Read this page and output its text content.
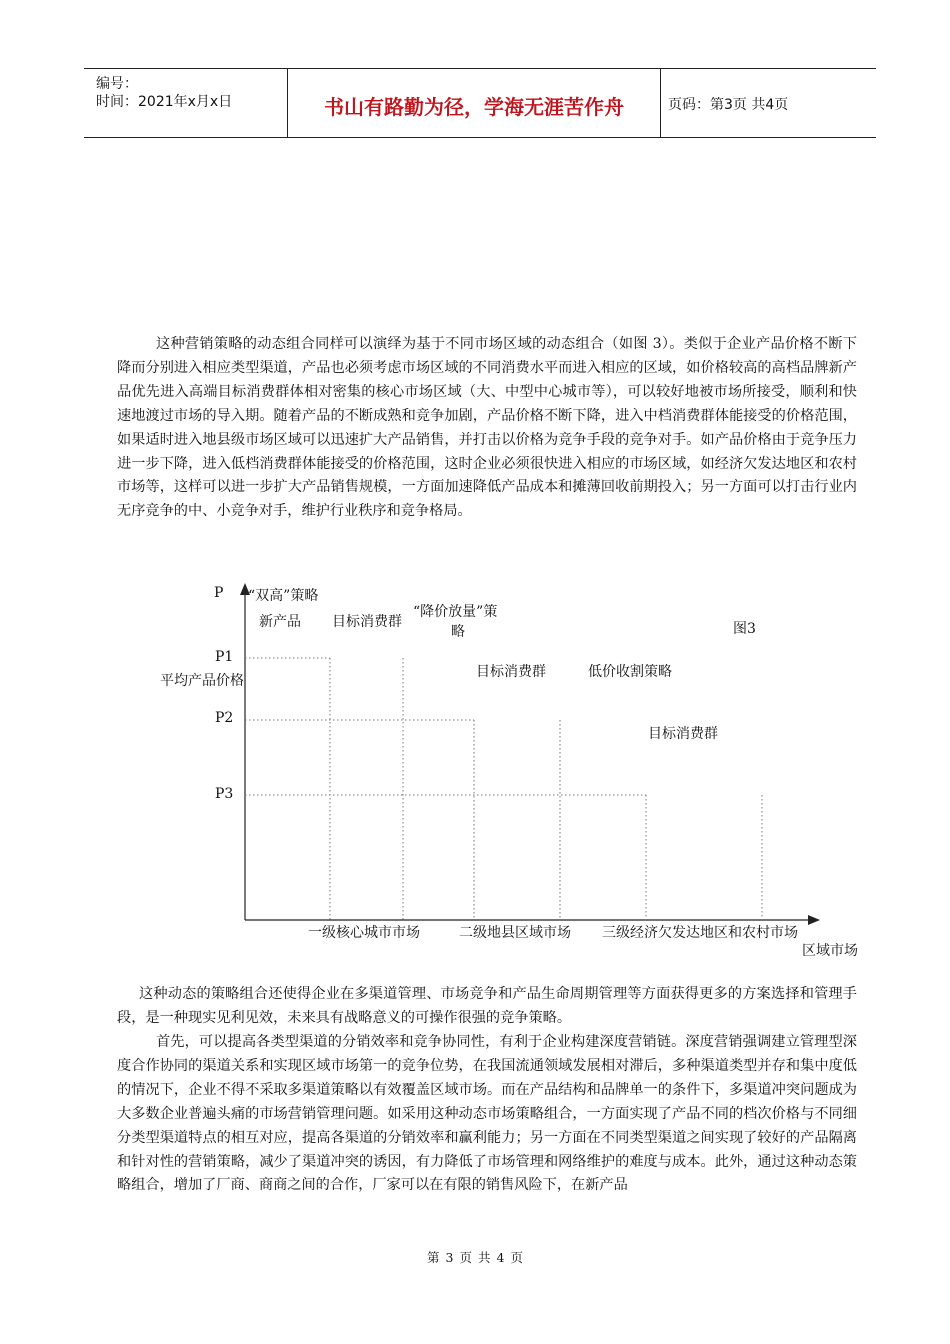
编号：
时间：2021年x月x日	书山有路勤为径，学海无涯苦作舟	页码：第3页 共4页
这种营销策略的动态组合同样可以演绎为基于不同市场区域的动态组合（如图 3）。类似于企业产品价格不断下降而分别进入相应类型渠道，产品也必须考虑市场区域的不同消费水平而进入相应的区域，如价格较高的高档品牌新产品优先进入高端目标消费群体相对密集的核心市场区域（大、中型中心城市等），可以较好地被市场所接受，顺利和快速地渡过市场的导入期。随着产品的不断成熟和竞争加剧，产品价格不断下降，进入中档消费群体能接受的价格范围，如果适时进入地县级市场区域可以迅速扩大产品销售，并打击以价格为竞争手段的竞争对手。如产品价格由于竞争压力进一步下降，进入低档消费群体能接受的价格范围，这时企业必须很快进入相应的市场区域，如经济欠发达地区和农村市场等，这样可以进一步扩大产品销售规模，一方面加速降低产品成本和摊薄回收前期投入；另一方面可以打击行业内无序竞争的中、小竞争对手，维护行业秩序和竞争格局。
P “双高”策略
新产品 目标消费群
“降价放量”策
略	图3
P1
平均产品价格
目标消费群	低价收割策略
P2
目标消费群
P3
一级核心城市市场	二级地县区域市场 三级经济欠发达地区和农村市场
区域市场
这种动态的策略组合还使得企业在多渠道管理、市场竞争和产品生命周期管理等方面获得更多的方案选择和管理手段，是一种现实见利见效，未来具有战略意义的可操作很强的竞争策略。
首先，可以提高各类型渠道的分销效率和竞争协同性，有利于企业构建深度营销链。深度营销强调建立管理型深度合作协同的渠道关系和实现区域市场第一的竞争位势，在我国流通领域发展相对滞后，多种渠道类型并存和集中度低的情况下，企业不得不采取多渠道策略以有效覆盖区域市场。而在产品结构和品牌单一的条件下，多渠道冲突问题成为大多数企业普遍头痛的市场营销管理问题。如采用这种动态市场策略组合，一方面实现了产品不同的档次价格与不同细分类型渠道特点的相互对应，提高各渠道的分销效率和赢利能力；另一方面在不同类型渠道之间实现了较好的产品隔离和针对性的营销策略，减少了渠道冲突的诱因，有力降低了市场管理和网络维护的难度与成本。此外，通过这种动态策略组合，增加了厂商、商商之间的合作，厂家可以在有限的销售风险下，在新产品
第 3 页 共 4 页
